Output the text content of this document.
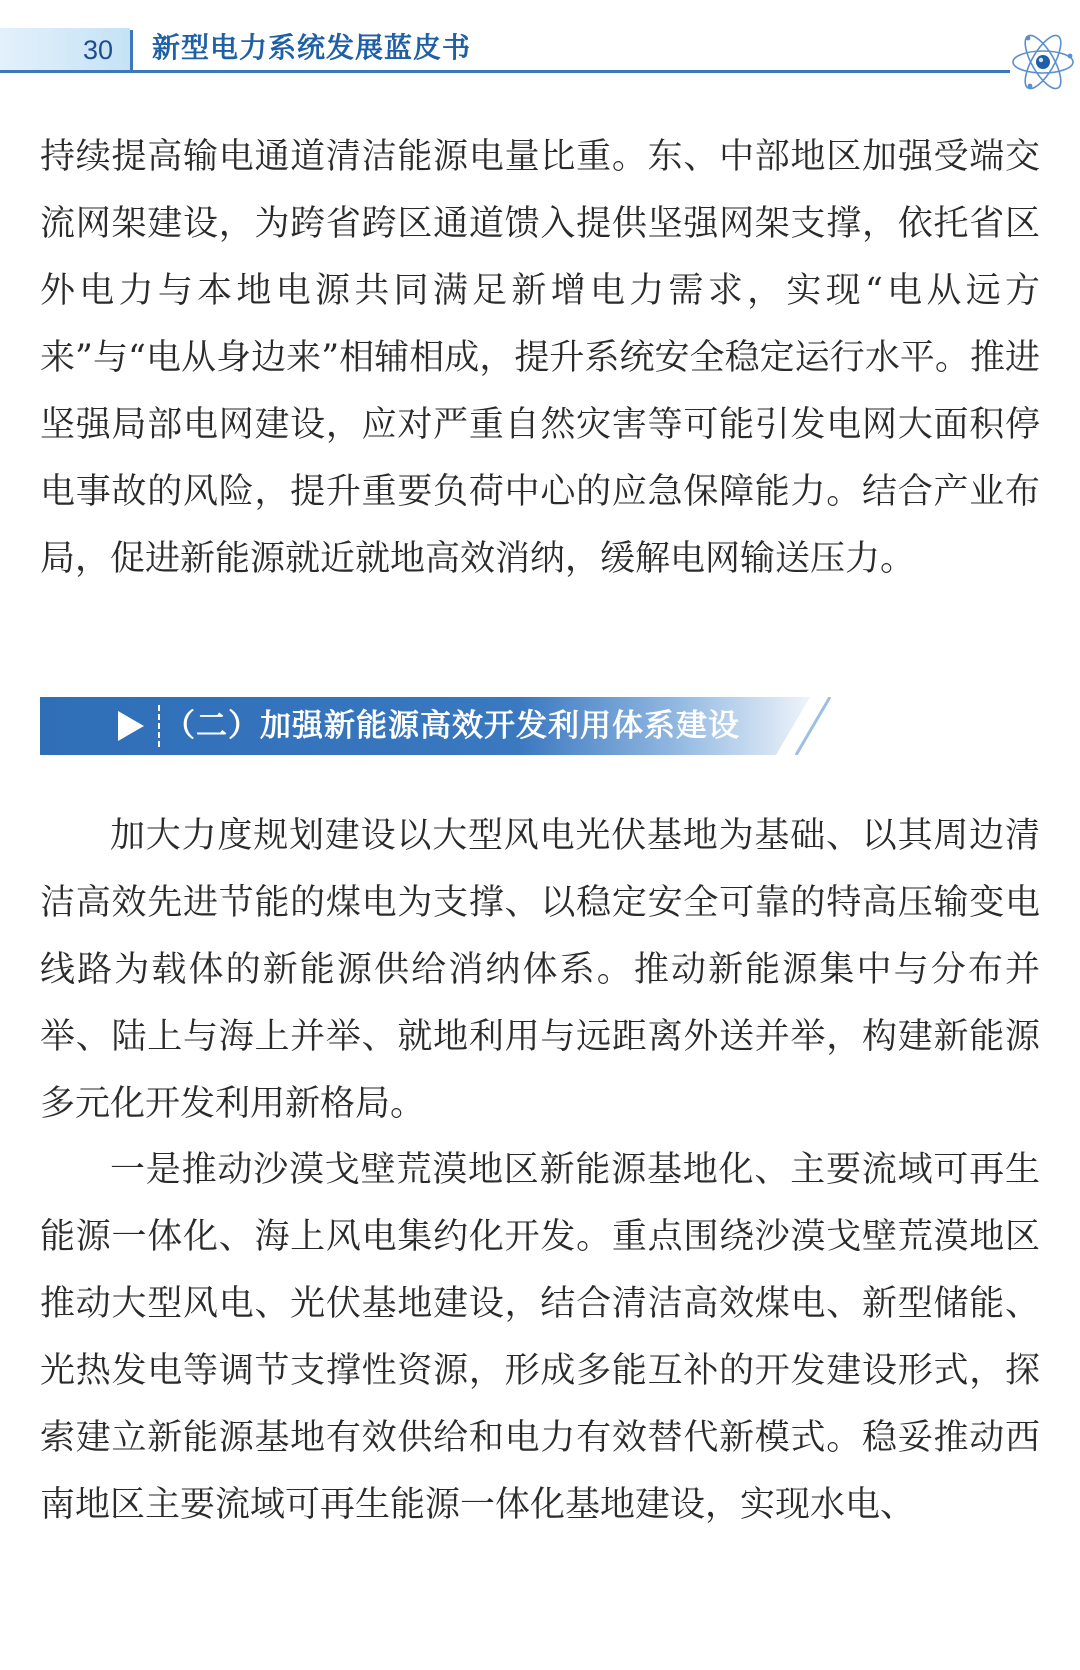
30	新型电力系统发展蓝皮书

持续提高输电通道清洁能源电量比重。东、中部地区加强受端交流网架建设，为跨省跨区通道馈入提供坚强网架支撑，依托省区外电力与本地电源共同满足新增电力需求，实现“电从远方来”与“电从身边来”相辅相成，提升系统安全稳定运行水平。推进坚强局部电网建设，应对严重自然灾害等可能引发电网大面积停电事故的风险，提升重要负荷中心的应急保障能力。结合产业布局，促进新能源就近就地高效消纳，缓解电网输送压力。

（二）加强新能源高效开发利用体系建设

加大力度规划建设以大型风电光伏基地为基础、以其周边清洁高效先进节能的煤电为支撑、以稳定安全可靠的特高压输变电线路为载体的新能源供给消纳体系。推动新能源集中与分布并举、陆上与海上并举、就地利用与远距离外送并举，构建新能源多元化开发利用新格局。

一是推动沙漠戈壁荒漠地区新能源基地化、主要流域可再生能源一体化、海上风电集约化开发。重点围绕沙漠戈壁荒漠地区推动大型风电、光伏基地建设，结合清洁高效煤电、新型储能、光热发电等调节支撑性资源，形成多能互补的开发建设形式，探索建立新能源基地有效供给和电力有效替代新模式。稳妥推动西南地区主要流域可再生能源一体化基地建设，实现水电、
